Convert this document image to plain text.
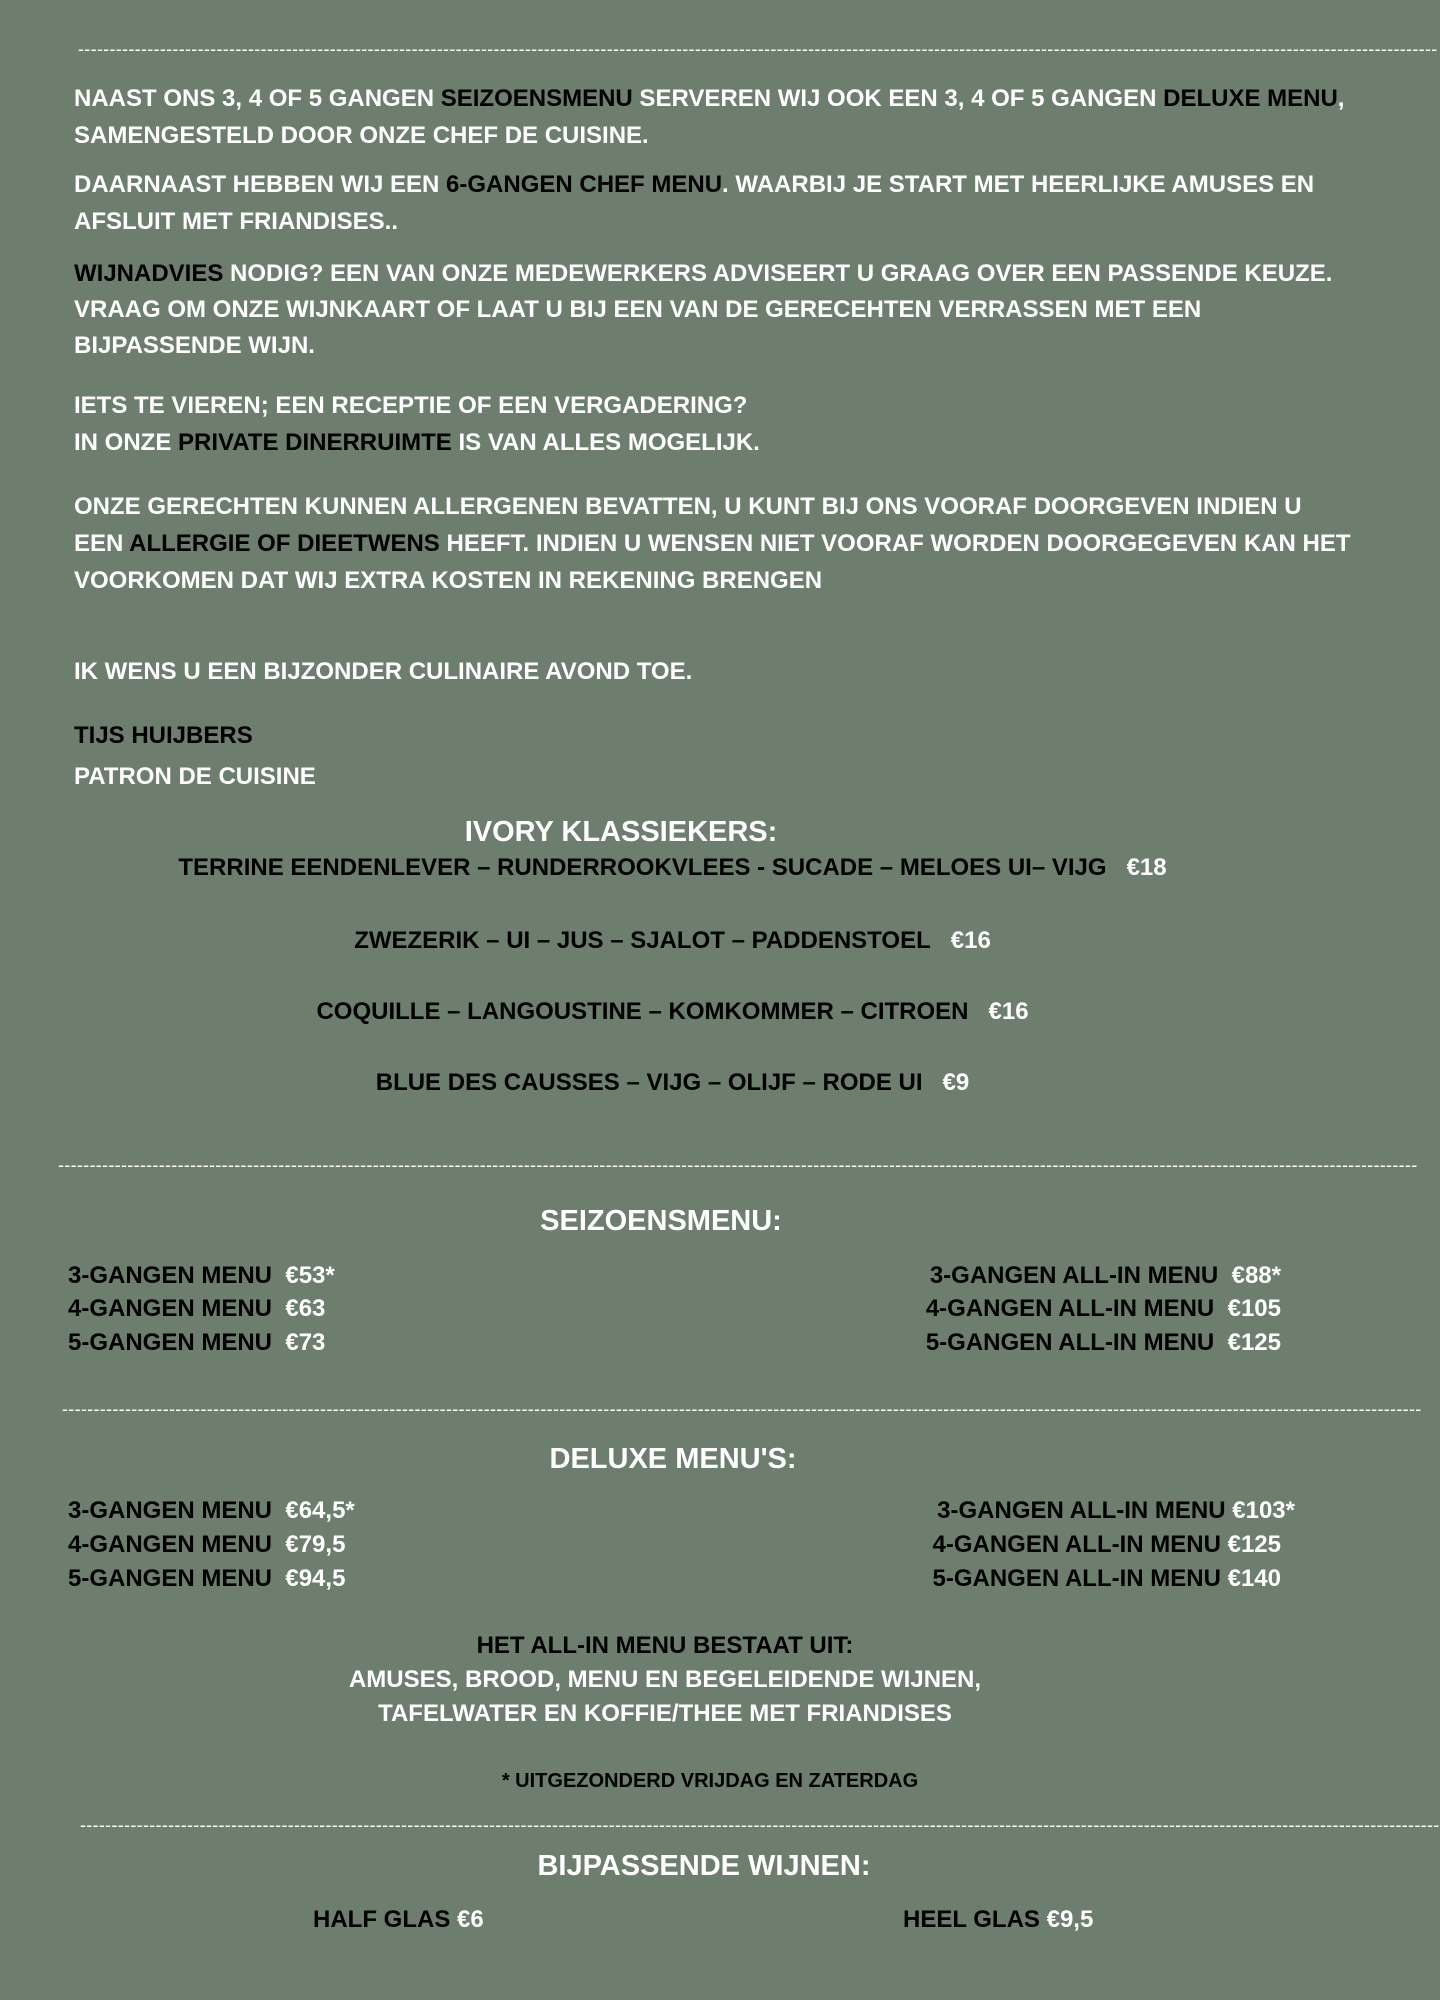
------------------------------------------------------------------------------------------------------------------------------------------------------------------------------------------------------------------------

NAAST ONS 3, 4 OF 5 GANGEN SEIZOENSMENU SERVEREN WIJ OOK EEN 3, 4 OF 5 GANGEN DELUXE MENU, SAMENGESTELD DOOR ONZE CHEF DE CUISINE.

DAARNAAST HEBBEN WIJ EEN 6-GANGEN CHEF MENU. WAARBIJ JE START MET HEERLIJKE AMUSES EN AFSLUIT MET FRIANDISES..

WIJNADVIES NODIG? EEN VAN ONZE MEDEWERKERS ADVISEERT U GRAAG OVER EEN PASSENDE KEUZE. VRAAG OM ONZE WIJNKAART OF LAAT U BIJ EEN VAN DE GERECEHTEN VERRASSEN MET EEN BIJPASSENDE WIJN.

IETS TE VIEREN; EEN RECEPTIE OF EEN VERGADERING?

IN ONZE PRIVATE DINERRUIMTE IS VAN ALLES MOGELIJK.

ONZE GERECHTEN KUNNEN ALLERGENEN BEVATTEN, U KUNT BIJ ONS VOORAF DOORGEVEN INDIEN U EEN ALLERGIE OF DIEETWENS HEEFT. INDIEN U WENSEN NIET VOORAF WORDEN DOORGEGEVEN KAN HET VOORKOMEN DAT WIJ EXTRA KOSTEN IN REKENING BRENGEN

IK WENS U EEN BIJZONDER CULINAIRE AVOND TOE.

TIJS HUIJBERS

PATRON DE CUISINE

IVORY KLASSIEKERS:
TERRINE EENDENLEVER – RUNDERROOKVLEES - SUCADE – MELOES UI– VIJG €18
ZWEZERIK – UI – JUS – SJALOT – PADDENSTOEL €16
COQUILLE – LANGOUSTINE – KOMKOMMER – CITROEN €16
BLUE DES CAUSSES – VIJG – OLIJF – RODE UI €9
------------------------------------------------------------------------------------------------------------------------------------------------------------------------------------------------------------------------
SEIZOENSMENU:
3-GANGEN MENU €53*
4-GANGEN MENU €63
5-GANGEN MENU €73
3-GANGEN ALL-IN MENU €88*
4-GANGEN ALL-IN MENU €105
5-GANGEN ALL-IN MENU €125
------------------------------------------------------------------------------------------------------------------------------------------------------------------------------------------------------------------------
DELUXE MENU'S:
3-GANGEN MENU €64,5*
4-GANGEN MENU €79,5
5-GANGEN MENU €94,5
3-GANGEN ALL-IN MENU €103*
4-GANGEN ALL-IN MENU €125
5-GANGEN ALL-IN MENU €140
HET ALL-IN MENU BESTAAT UIT:
AMUSES, BROOD, MENU EN BEGELEIDENDE WIJNEN,
TAFELWATER EN KOFFIE/THEE MET FRIANDISES
* UITGEZONDERD VRIJDAG EN ZATERDAG
------------------------------------------------------------------------------------------------------------------------------------------------------------------------------------------------------------------------
BIJPASSENDE WIJNEN:
HALF GLAS €6	HEEL GLAS €9,5
